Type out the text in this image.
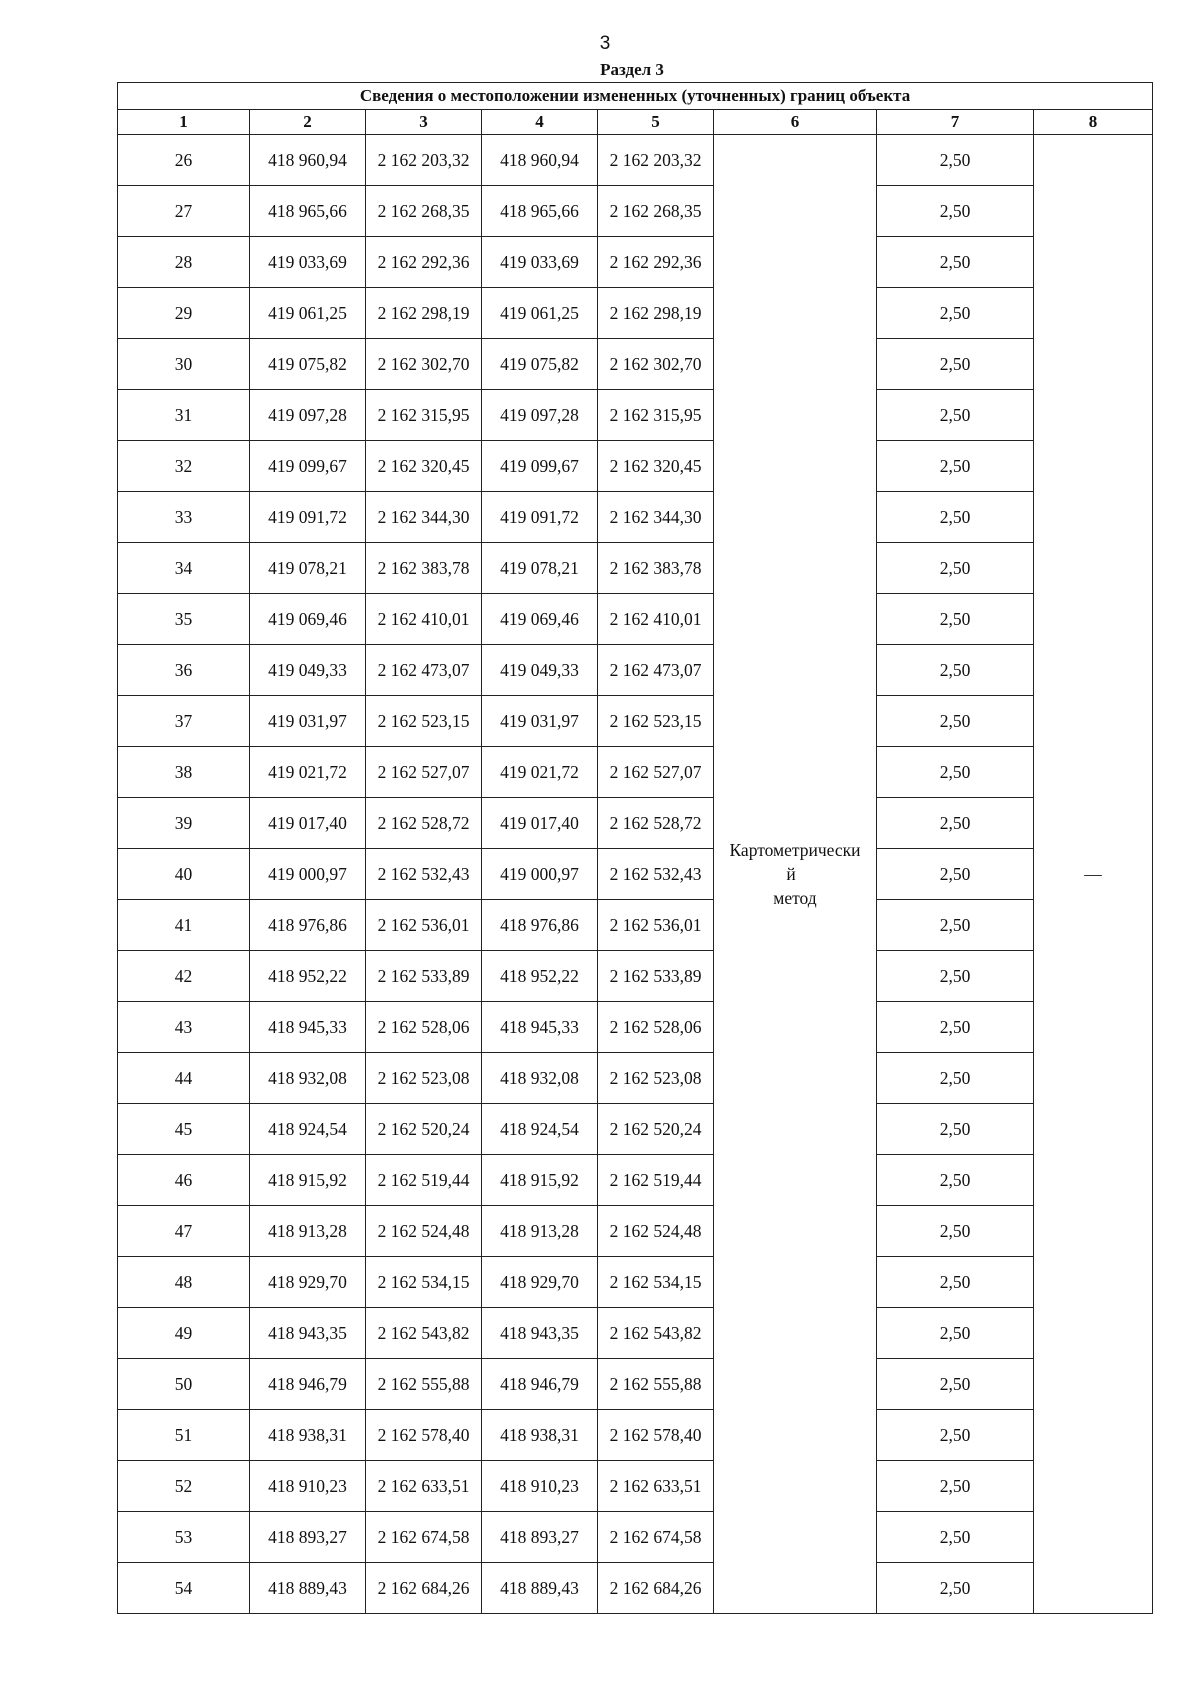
3
Раздел 3
Сведения о местоположении измененных (уточненных) границ объекта							
1	2	3	4	5	6	7	8
26	418 960,94	2 162 203,32	418 960,94	2 162 203,32	Картометрически
й
метод	2,50	—
27	418 965,66	2 162 268,35	418 965,66	2 162 268,35		2,50	
28	419 033,69	2 162 292,36	419 033,69	2 162 292,36		2,50	
29	419 061,25	2 162 298,19	419 061,25	2 162 298,19		2,50	
30	419 075,82	2 162 302,70	419 075,82	2 162 302,70		2,50	
31	419 097,28	2 162 315,95	419 097,28	2 162 315,95		2,50	
32	419 099,67	2 162 320,45	419 099,67	2 162 320,45		2,50	
33	419 091,72	2 162 344,30	419 091,72	2 162 344,30		2,50	
34	419 078,21	2 162 383,78	419 078,21	2 162 383,78		2,50	
35	419 069,46	2 162 410,01	419 069,46	2 162 410,01		2,50	
36	419 049,33	2 162 473,07	419 049,33	2 162 473,07		2,50	
37	419 031,97	2 162 523,15	419 031,97	2 162 523,15		2,50	
38	419 021,72	2 162 527,07	419 021,72	2 162 527,07		2,50	
39	419 017,40	2 162 528,72	419 017,40	2 162 528,72		2,50	
40	419 000,97	2 162 532,43	419 000,97	2 162 532,43		2,50	
41	418 976,86	2 162 536,01	418 976,86	2 162 536,01		2,50	
42	418 952,22	2 162 533,89	418 952,22	2 162 533,89		2,50	
43	418 945,33	2 162 528,06	418 945,33	2 162 528,06		2,50	
44	418 932,08	2 162 523,08	418 932,08	2 162 523,08		2,50	
45	418 924,54	2 162 520,24	418 924,54	2 162 520,24		2,50	
46	418 915,92	2 162 519,44	418 915,92	2 162 519,44		2,50	
47	418 913,28	2 162 524,48	418 913,28	2 162 524,48		2,50	
48	418 929,70	2 162 534,15	418 929,70	2 162 534,15		2,50	
49	418 943,35	2 162 543,82	418 943,35	2 162 543,82		2,50	
50	418 946,79	2 162 555,88	418 946,79	2 162 555,88		2,50	
51	418 938,31	2 162 578,40	418 938,31	2 162 578,40		2,50	
52	418 910,23	2 162 633,51	418 910,23	2 162 633,51		2,50	
53	418 893,27	2 162 674,58	418 893,27	2 162 674,58		2,50	
54	418 889,43	2 162 684,26	418 889,43	2 162 684,26		2,50	
